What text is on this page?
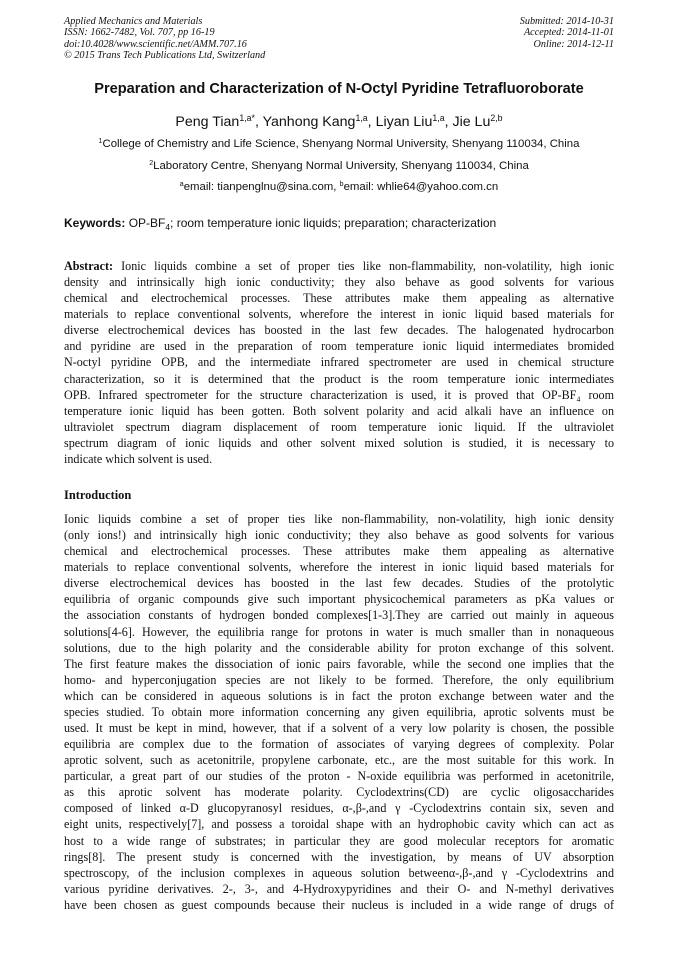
Applied Mechanics and Materials
ISSN: 1662-7482, Vol. 707, pp 16-19
doi:10.4028/www.scientific.net/AMM.707.16
© 2015 Trans Tech Publications Ltd, Switzerland
Submitted: 2014-10-31
Accepted: 2014-11-01
Online: 2014-12-11
Preparation and Characterization of N-Octyl Pyridine Tetrafluoroborate
Peng Tian$^{1,a*}$, Yanhong Kang$^{1,a}$, Liyan Liu$^{1,a}$, Jie Lu$^{2,b}$
$^1$College of Chemistry and Life Science, Shenyang Normal University, Shenyang 110034, China
$^2$Laboratory Centre, Shenyang Normal University, Shenyang 110034, China
$^a$email: tianpenglnu@sina.com, $^b$email: whlie64@yahoo.com.cn
Keywords: $OP-BF_4$; room temperature ionic liquids; preparation; characterization
Abstract: Ionic liquids combine a set of proper ties like non-flammability, non-volatility, high ionic
density and intrinsically high ionic conductivity; they also behave as good solvents for various
chemical and electrochemical processes. These attributes make them appealing as alternative
materials to replace conventional solvents, wherefore the interest in ionic liquid based materials for
diverse electrochemical devices has boosted in the last few decades. The halogenated hydrocarbon
and pyridine are used in the preparation of room temperature ionic liquid intermediates bromided
N-octyl pyridine OPB, and the intermediate infrared spectrometer are used in chemical structure
characterization, so it is determined that the product is the room temperature ionic intermediates
OPB. Infrared spectrometer for the structure characterization is used, it is proved that OP-BF₄ room
temperature ionic liquid has been gotten. Both solvent polarity and acid alkali have an influence on
ultraviolet spectrum diagram displacement of room temperature ionic liquid. If the ultraviolet
spectrum diagram of ionic liquids and other solvent mixed solution is studied, it is necessary to
indicate which solvent is used.
Introduction
Ionic liquids combine a set of proper ties like non-flammability, non-volatility, high ionic density
(only ions!) and intrinsically high ionic conductivity; they also behave as good solvents for various
chemical and electrochemical processes. These attributes make them appealing as alternative
materials to replace conventional solvents, wherefore the interest in ionic liquid based materials for
diverse electrochemical devices has boosted in the last few decades. Studies of the protolytic
equilibria of organic compounds give such important physicochemical parameters as pKa values or
the association constants of hydrogen bonded complexes[1-3].They are carried out mainly in aqueous
solutions[4-6]. However, the equilibria range for protons in water is much smaller than in nonaqueous
solutions, due to the high polarity and the considerable ability for proton exchange of this solvent.
The first feature makes the dissociation of ionic pairs favorable, while the second one implies that the
homo- and hyperconjugation species are not likely to be formed. Therefore, the only equilibrium
which can be considered in aqueous solutions is in fact the proton exchange between water and the
species studied. To obtain more information concerning any given equilibria, aprotic solvents must be
used. It must be kept in mind, however, that if a solvent of a very low polarity is chosen, the possible
equilibria are complex due to the formation of associates of varying degrees of complexity. Polar
aprotic solvent, such as acetonitrile, propylene carbonate, etc., are the most suitable for this work. In
particular, a great part of our studies of the proton - N-oxide equilibria was performed in acetonitrile,
as this aprotic solvent has moderate polarity. Cyclodextrins(CD) are cyclic oligosaccharides
composed of linked α-D glucopyranosyl residues, α-,β-,and γ -Cyclodextrins contain six, seven and
eight units, respectively[7], and possess a toroidal shape with an hydrophobic cavity which can act as
host to a wide range of substrates; in particular they are good molecular receptors for aromatic
rings[8]. The present study is concerned with the investigation, by means of UV absorption
spectroscopy, of the inclusion complexes in aqueous solution betweenα-,β-,and γ -Cyclodextrins and
various pyridine derivatives. 2-, 3-, and 4-Hydroxypyridines and their O- and N-methyl derivatives
have been chosen as guest compounds because their nucleus is included in a wide range of drugs of
